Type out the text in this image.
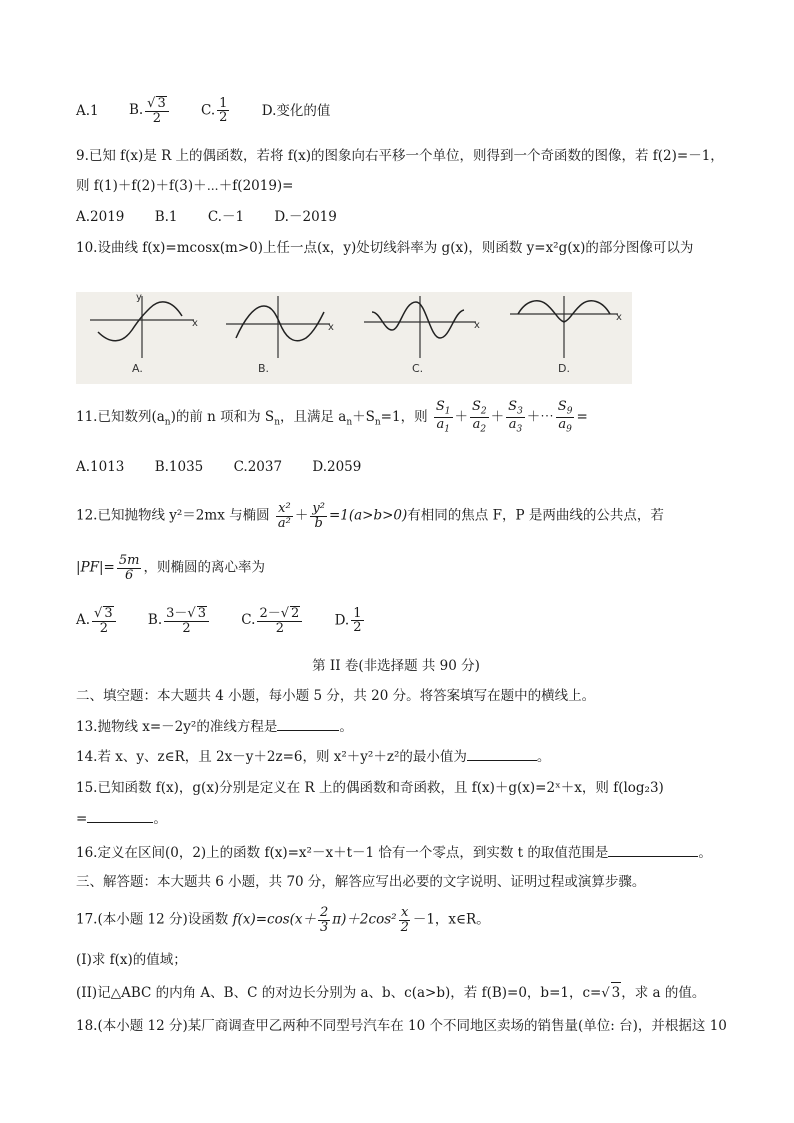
A.1 B. $\frac{√ 3}{2} C$. $\frac{1}{2} D$.变化的值
9.已知 f(x)是 R 上的偶函数，若将 f(x)的图象向右平移一个单位，则得到一个奇函数的图像，若 f(2)=－1，
则 f(1)＋f(2)＋f(3)＋⋯＋f(2019)=
A.2019 B.1 C.－1 D.－2019
10.设曲线 f(x)=mcosx(m>0)上任一点(x，y)处切线斜率为 g(x)，则函数 y=x²g(x)的部分图像可以为
y
x
A.
x
B.
x
C.
x
D.
11.已知数列$(a_n)$的前 n 项和为 $S_n$，且满足 $a_n+S_n=1$，则 $\frac{S_1}{a_1} + \frac{S_2}{a_2} + \frac{S_3}{a_3}$ ＋⋯ $\frac{S_9}{a_9}$ =
A.1013 B.1035 C.2037 D.2059
12.已知抛物线 y²＝2mx 与椭圆 $\frac{\text{x²}}{\text{a²}} + \frac{\text{y²}}{b} =1(a>b>0)$有相同的焦点 F，P 是两曲线的公共点，若
$|PF|= \frac{5m}{6}$ ，则椭圆的离心率为
A. $\frac{√ 3}{2} B$. $\frac{3-√ 3}{2} C$. $\frac{2-√ 2}{2} D$. $\frac{1}{2}$
第 II 卷(非选择题 共 90 分)
二、填空题：本大题共 4 小题，每小题 5 分，共 20 分。将答案填写在题中的横线上。
13.抛物线 x=－2y²的准线方程是	。
14.若 x、y、z∈R，且 2x－y＋2z=6，则 x²＋y²＋z²的最小值为	。
15.已知函数 f(x)，g(x)分别是定义在 R 上的偶函数和奇函救，且 f(x)＋g(x)=2ˣ＋x，则 f(log₂3)
=	。
16.定义在区间(0，2)上的函数 f(x)=x²－x＋t－1 恰有一个零点，到实数 t 的取值范围是	。
三、解答题：本大题共 6 小题，共 70 分，解答应写出必要的文字说明、证明过程或演算步骤。
17.(本小题 12 分)设函数 $f(x)=\cos(x+ \frac{2}{3} \pi)+2\cos^2 \frac{x}{2} -1$，x∈R。
(I)求 f(x)的值域；
(II)记△ABC 的内角 A、B、C 的对边长分别为 a、b、c(a>b)，若 f(B)=0，b=1，c=√ 3，求 a 的值。
18.(本小题 12 分)某厂商调查甲乙两种不同型号汽车在 10 个不同地区卖场的销售量(单位: 台)，并根据这 10
